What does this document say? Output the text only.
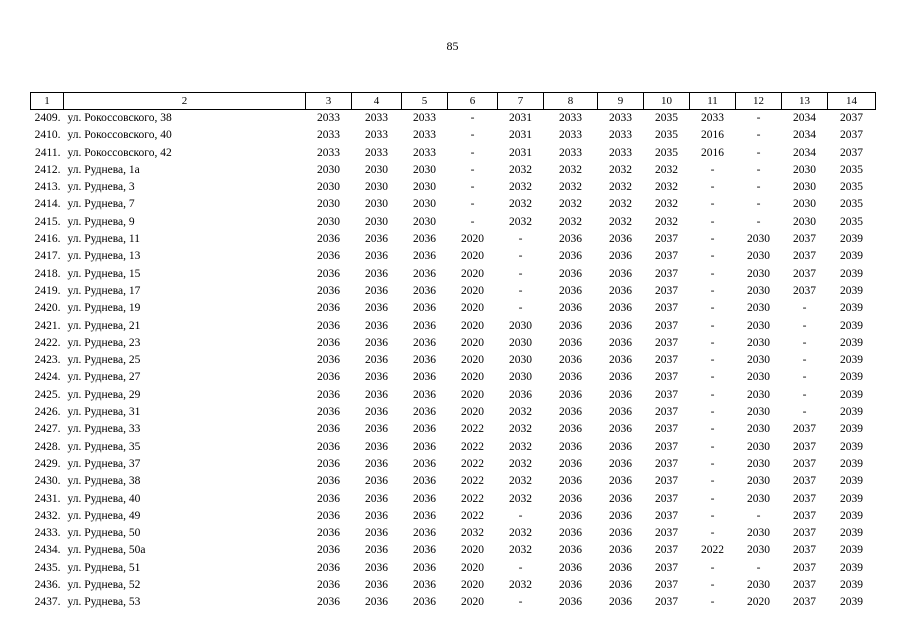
85
1	2	3	4	5	6	7	8	9	10	11	12	13	14
2409.	ул. Рокоссовского, 38	2033	2033	2033	-	2031	2033	2033	2035	2033	-	2034	2037
2410.	ул. Рокоссовского, 40	2033	2033	2033	-	2031	2033	2033	2035	2016	-	2034	2037
2411.	ул. Рокоссовского, 42	2033	2033	2033	-	2031	2033	2033	2035	2016	-	2034	2037
2412.	ул. Руднева, 1а	2030	2030	2030	-	2032	2032	2032	2032	-	-	2030	2035
2413.	ул. Руднева, 3	2030	2030	2030	-	2032	2032	2032	2032	-	-	2030	2035
2414.	ул. Руднева, 7	2030	2030	2030	-	2032	2032	2032	2032	-	-	2030	2035
2415.	ул. Руднева, 9	2030	2030	2030	-	2032	2032	2032	2032	-	-	2030	2035
2416.	ул. Руднева, 11	2036	2036	2036	2020	-	2036	2036	2037	-	2030	2037	2039
2417.	ул. Руднева, 13	2036	2036	2036	2020	-	2036	2036	2037	-	2030	2037	2039
2418.	ул. Руднева, 15	2036	2036	2036	2020	-	2036	2036	2037	-	2030	2037	2039
2419.	ул. Руднева, 17	2036	2036	2036	2020	-	2036	2036	2037	-	2030	2037	2039
2420.	ул. Руднева, 19	2036	2036	2036	2020	-	2036	2036	2037	-	2030	-	2039
2421.	ул. Руднева, 21	2036	2036	2036	2020	2030	2036	2036	2037	-	2030	-	2039
2422.	ул. Руднева, 23	2036	2036	2036	2020	2030	2036	2036	2037	-	2030	-	2039
2423.	ул. Руднева, 25	2036	2036	2036	2020	2030	2036	2036	2037	-	2030	-	2039
2424.	ул. Руднева, 27	2036	2036	2036	2020	2030	2036	2036	2037	-	2030	-	2039
2425.	ул. Руднева, 29	2036	2036	2036	2020	2036	2036	2036	2037	-	2030	-	2039
2426.	ул. Руднева, 31	2036	2036	2036	2020	2032	2036	2036	2037	-	2030	-	2039
2427.	ул. Руднева, 33	2036	2036	2036	2022	2032	2036	2036	2037	-	2030	2037	2039
2428.	ул. Руднева, 35	2036	2036	2036	2022	2032	2036	2036	2037	-	2030	2037	2039
2429.	ул. Руднева, 37	2036	2036	2036	2022	2032	2036	2036	2037	-	2030	2037	2039
2430.	ул. Руднева, 38	2036	2036	2036	2022	2032	2036	2036	2037	-	2030	2037	2039
2431.	ул. Руднева, 40	2036	2036	2036	2022	2032	2036	2036	2037	-	2030	2037	2039
2432.	ул. Руднева, 49	2036	2036	2036	2022	-	2036	2036	2037	-	-	2037	2039
2433.	ул. Руднева, 50	2036	2036	2036	2032	2032	2036	2036	2037	-	2030	2037	2039
2434.	ул. Руднева, 50а	2036	2036	2036	2020	2032	2036	2036	2037	2022	2030	2037	2039
2435.	ул. Руднева, 51	2036	2036	2036	2020	-	2036	2036	2037	-	-	2037	2039
2436.	ул. Руднева, 52	2036	2036	2036	2020	2032	2036	2036	2037	-	2030	2037	2039
2437.	ул. Руднева, 53	2036	2036	2036	2020	-	2036	2036	2037	-	2020	2037	2039
